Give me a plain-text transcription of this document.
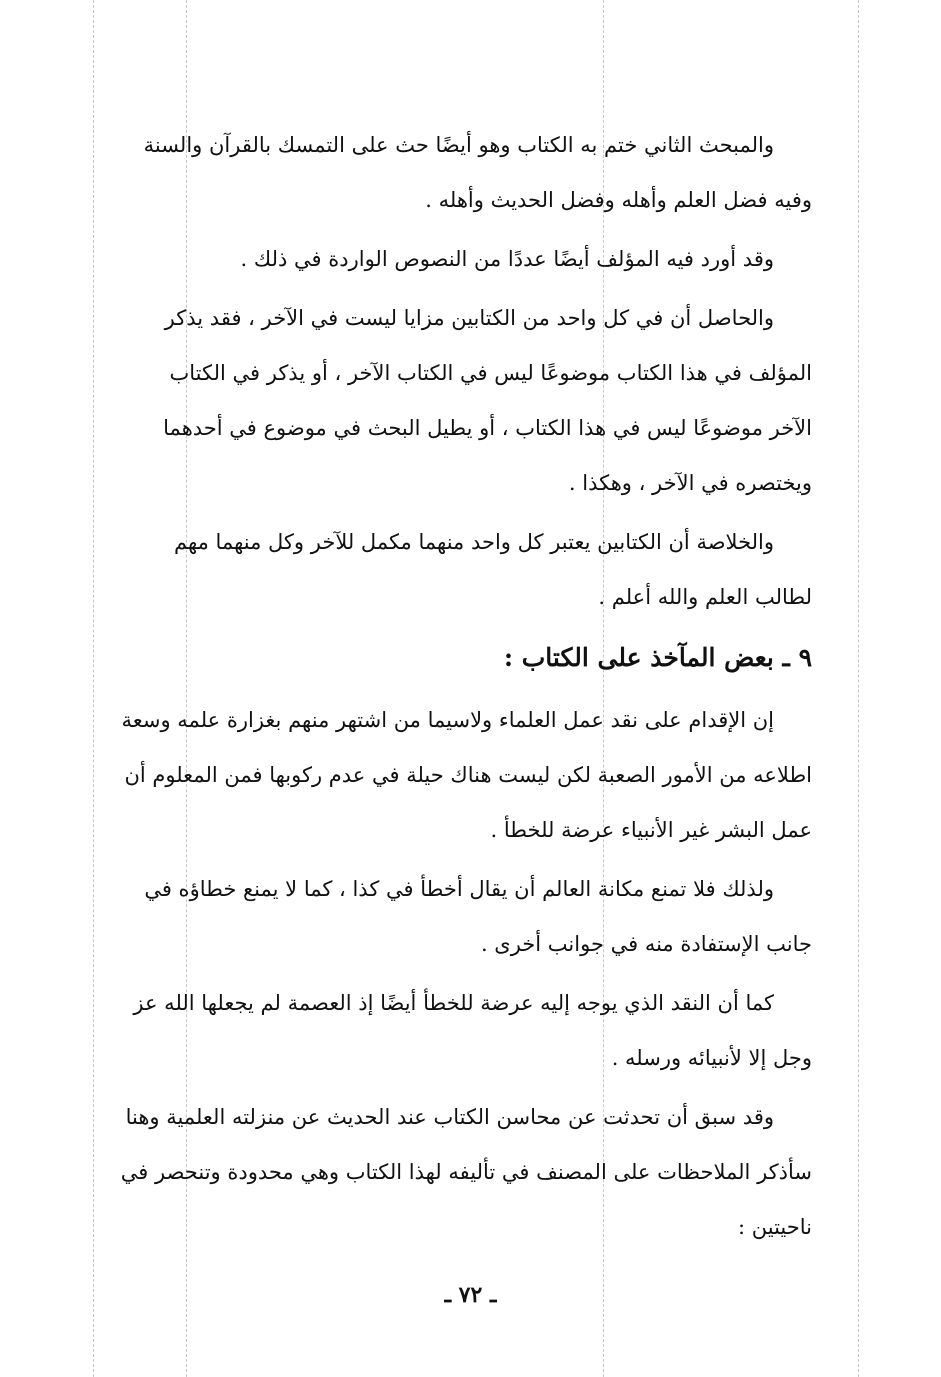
والمبحث الثاني ختم به الكتاب وهو أيضًا حث على التمسك بالقرآن والسنة

وفيه فضل العلم وأهله وفضل الحديث وأهله .

وقد أورد فيه المؤلف أيضًا عددًا من النصوص الواردة في ذلك .

والحاصل أن في كل واحد من الكتابين مزايا ليست في الآخر ، فقد يذكر

المؤلف في هذا الكتاب موضوعًا ليس في الكتاب الآخر ، أو يذكر في الكتاب

الآخر موضوعًا ليس في هذا الكتاب ، أو يطيل البحث في موضوع في أحدهما

ويختصره في الآخر ، وهكذا .

والخلاصة أن الكتابين يعتبر كل واحد منهما مكمل للآخر وكل منهما مهم

لطالب العلم والله أعلم .

٩ ـ بعض المآخذ على الكتاب :

إن الإقدام على نقد عمل العلماء ولاسيما من اشتهر منهم بغزارة علمه وسعة

اطلاعه من الأمور الصعبة لكن ليست هناك حيلة في عدم ركوبها فمن المعلوم أن

عمل البشر غير الأنبياء عرضة للخطأ .

ولذلك فلا تمنع مكانة العالم أن يقال أخطأ في كذا ، كما لا يمنع خطاؤه في

جانب الإستفادة منه في جوانب أخرى .

كما أن النقد الذي يوجه إليه عرضة للخطأ أيضًا إذ العصمة لم يجعلها الله عز

وجل إلا لأنبيائه ورسله .

وقد سبق أن تحدثت عن محاسن الكتاب عند الحديث عن منزلته العلمية وهنا

سأذكر الملاحظات على المصنف في تأليفه لهذا الكتاب وهي محدودة وتنحصر في

ناحيتين :

ـ ٧٢ ـ
